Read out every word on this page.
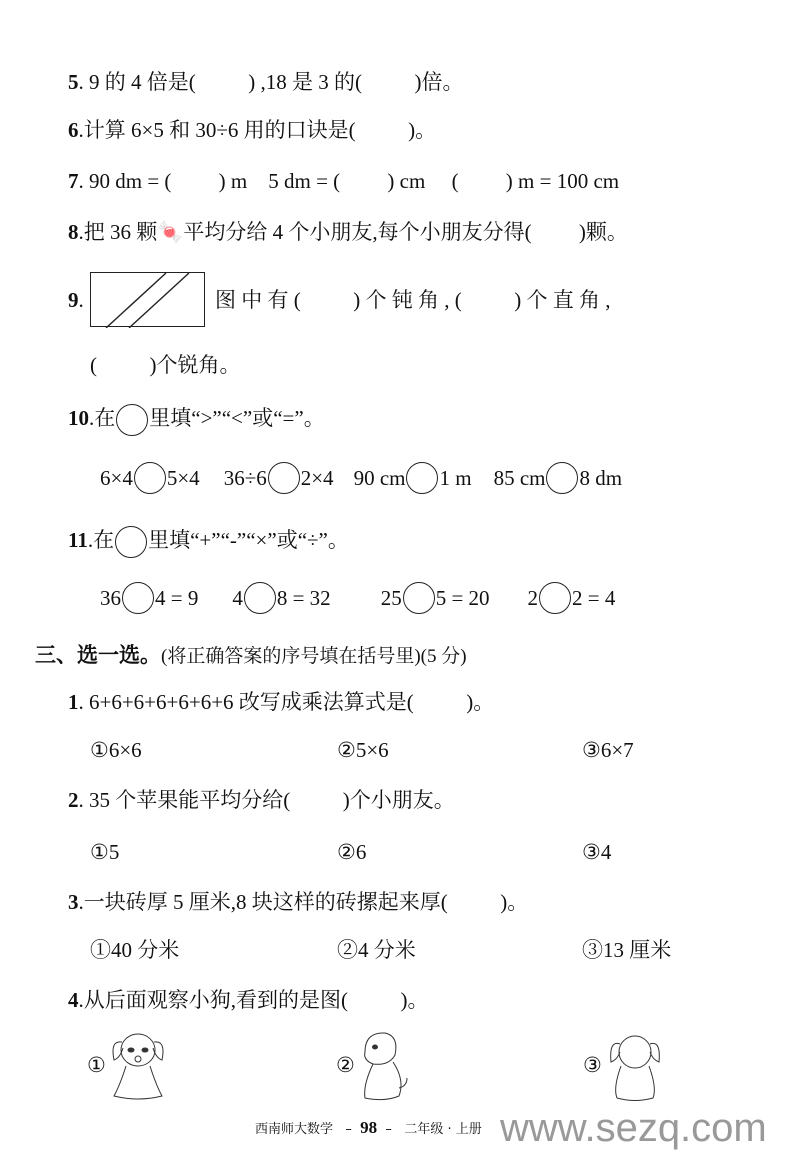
5. 9 的 4 倍是(          ) ,18 是 3 的(          )倍。
6.计算 6×5 和 30÷6 用的口诀是(          )。
7. 90 dm = (         ) m    5 dm = (         ) cm     (         ) m = 100 cm
8.把 36 颗🍬平均分给 4 个小朋友,每个小朋友分得(         )颗。
9.	图 中 有 (          ) 个 钝 角 , (          ) 个 直 角 ,
(          )个锐角。
10.在 里填“>”“<”或“=”。
6×4 5×4 36÷6 2×4 90 cm 1 m 85 cm 8 dm
11.在 里填“+”“-”“×”或“÷”。
36 4 = 9 4 8 = 32 25 5 = 20 2 2 = 4
三、选一选。(将正确答案的序号填在括号里)(5 分)
1. 6+6+6+6+6+6+6 改写成乘法算式是(          )。
①6×6	②5×6	③6×7
2. 35 个苹果能平均分给(          )个小朋友。
①5	②6	③4
3.一块砖厚 5 厘米,8 块这样的砖摞起来厚(          )。
①40 分米	②4 分米	③13 厘米
4.从后面观察小狗,看到的是图(          )。
①	②	③
西南师大数学   –  98  –   二年级 · 上册 www.sezq.com
